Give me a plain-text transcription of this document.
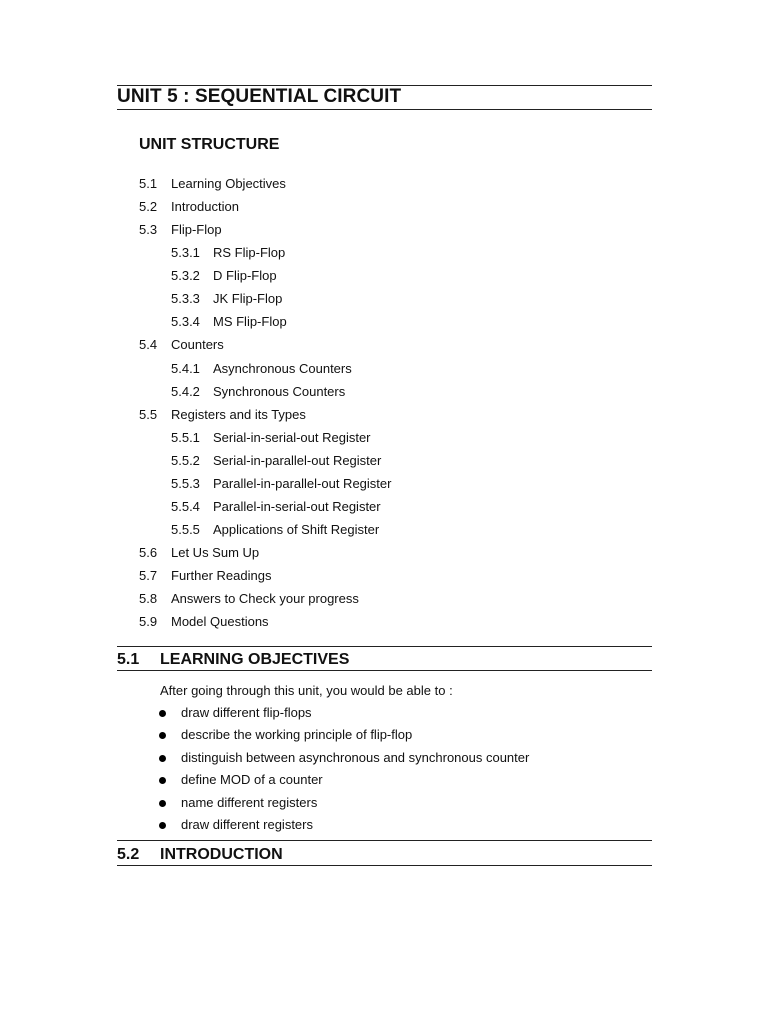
UNIT 5 : SEQUENTIAL CIRCUIT
UNIT STRUCTURE
5.1 Learning Objectives
5.2 Introduction
5.3 Flip-Flop
5.3.1 RS Flip-Flop
5.3.2 D Flip-Flop
5.3.3 JK Flip-Flop
5.3.4 MS Flip-Flop
5.4 Counters
5.4.1 Asynchronous Counters
5.4.2 Synchronous Counters
5.5 Registers and its Types
5.5.1 Serial-in-serial-out Register
5.5.2 Serial-in-parallel-out Register
5.5.3 Parallel-in-parallel-out Register
5.5.4 Parallel-in-serial-out Register
5.5.5 Applications of Shift Register
5.6 Let Us Sum Up
5.7 Further Readings
5.8 Answers to Check your progress
5.9 Model Questions
5.1 LEARNING OBJECTIVES
After going through this unit, you would be able to :
draw different flip-flops
describe the working principle of flip-flop
distinguish between asynchronous and synchronous counter
define MOD of a counter
name different registers
draw different registers
5.2 INTRODUCTION
